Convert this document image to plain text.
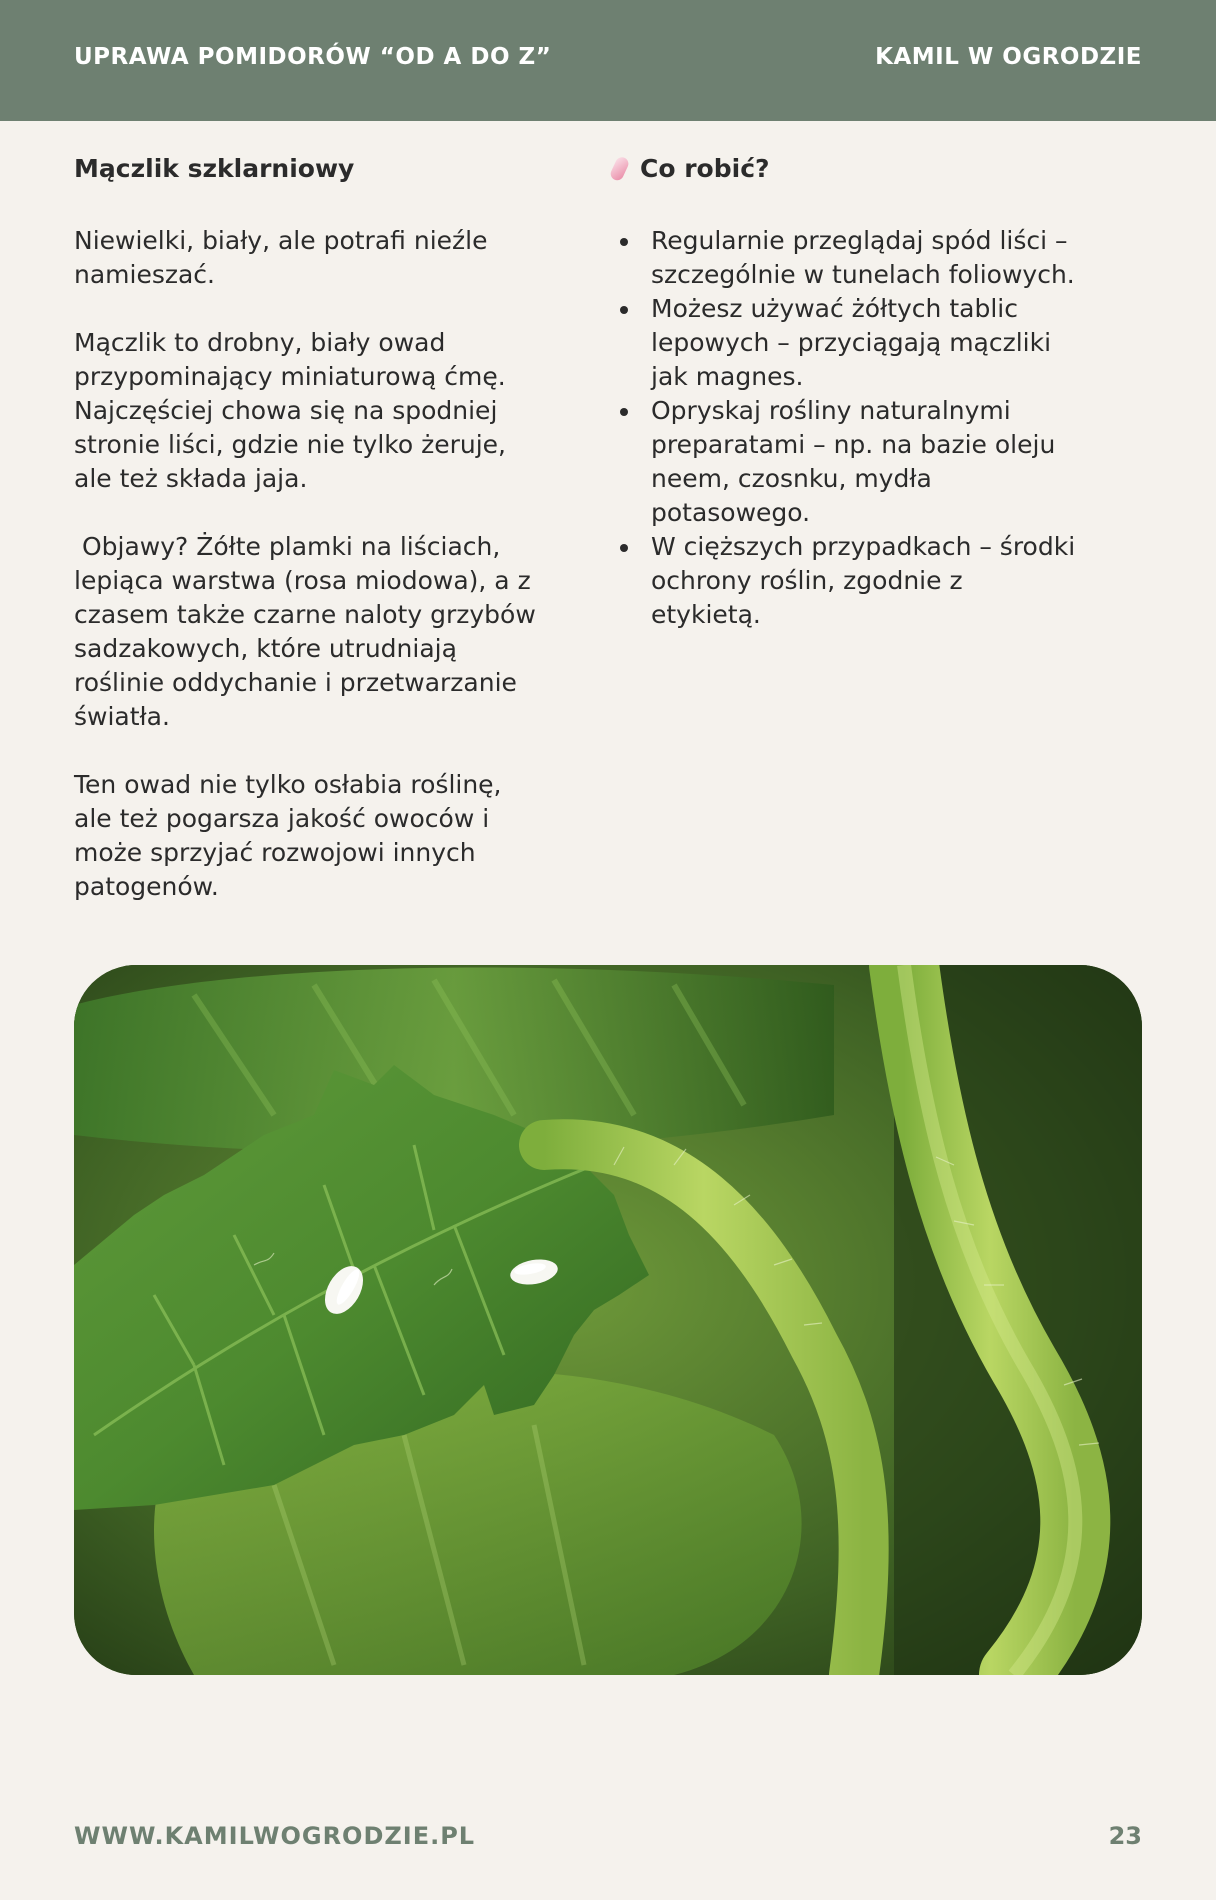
UPRAWA POMIDORÓW “OD A DO Z”	KAMIL W OGRODZIE
Mączlik szklarniowy

Niewielki, biały, ale potrafi nieźle namieszać.

Mączlik to drobny, biały owad przypominający miniaturową ćmę. Najczęściej chowa się na spodniej stronie liści, gdzie nie tylko żeruje, ale też składa jaja.

Objawy? Żółte plamki na liściach, lepiąca warstwa (rosa miodowa), a z czasem także czarne naloty grzybów sadzakowych, które utrudniają roślinie oddychanie i przetwarzanie światła.

Ten owad nie tylko osłabia roślinę, ale też pogarsza jakość owoców i może sprzyjać rozwojowi innych patogenów.

Co robić?
Regularnie przeglądaj spód liści – szczególnie w tunelach foliowych.
Możesz używać żółtych tablic lepowych – przyciągają mączliki jak magnes.
Opryskaj rośliny naturalnymi preparatami – np. na bazie oleju neem, czosnku, mydła potasowego.
W cięższych przypadkach – środki ochrony roślin, zgodnie z etykietą.
WWW.KAMILWOGRODZIE.PL	23
